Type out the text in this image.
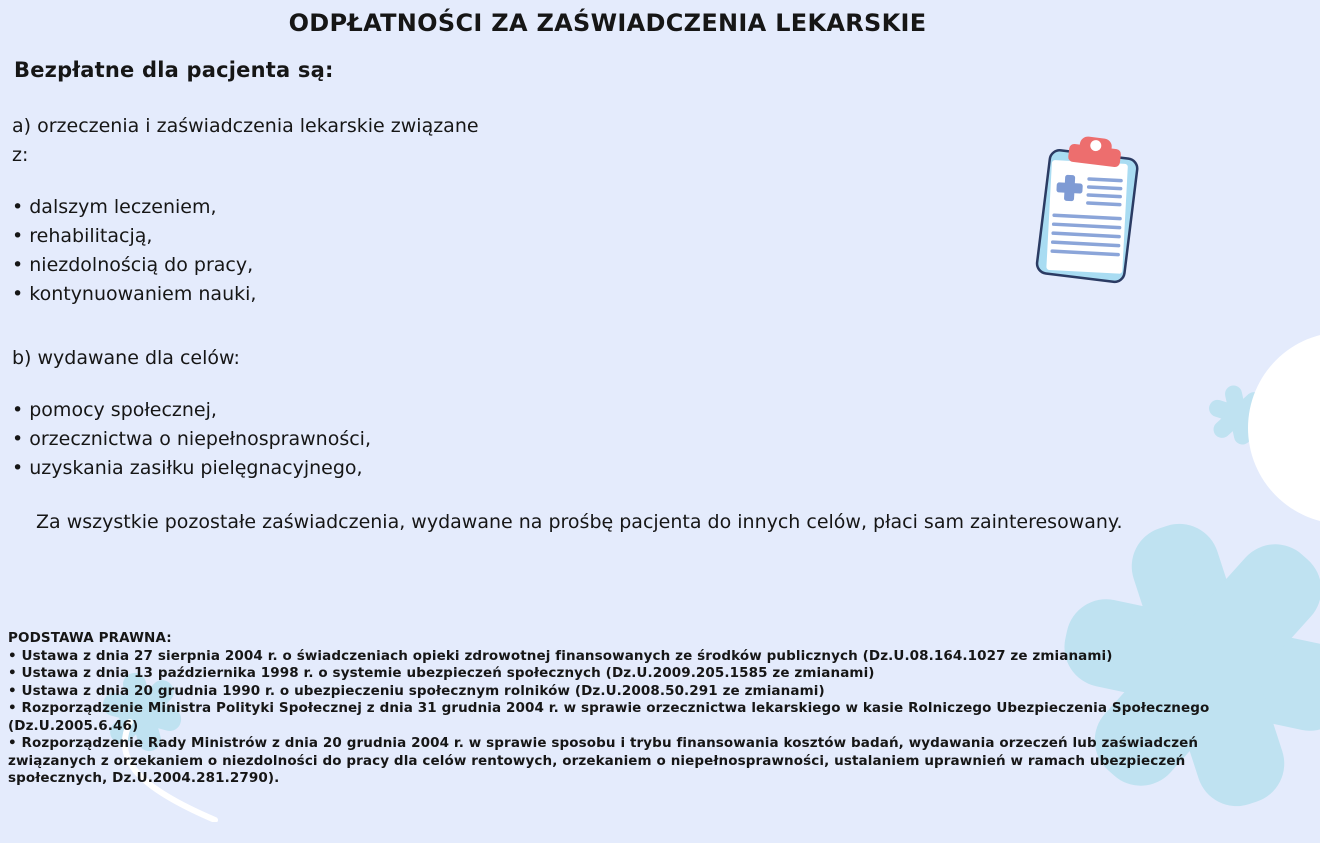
ODPŁATNOŚCI ZA ZAŚWIADCZENIA LEKARSKIE
Bezpłatne dla pacjenta są:
a) orzeczenia i zaświadczenia lekarskie związane z:
• dalszym leczeniem,
• rehabilitacją,
• niezdolnością do pracy,
• kontynuowaniem nauki,
b) wydawane dla celów:
• pomocy społecznej,
• orzecznictwa o niepełnosprawności,
• uzyskania zasiłku pielęgnacyjnego,
Za wszystkie pozostałe zaświadczenia, wydawane na prośbę pacjenta do innych celów, płaci sam zainteresowany.
PODSTAWA PRAWNA:
• Ustawa z dnia 27 sierpnia 2004 r. o świadczeniach opieki zdrowotnej finansowanych ze środków publicznych (Dz.U.08.164.1027 ze zmianami)
• Ustawa z dnia 13 października 1998 r. o systemie ubezpieczeń społecznych (Dz.U.2009.205.1585 ze zmianami)
• Ustawa z dnia 20 grudnia 1990 r. o ubezpieczeniu społecznym rolników (Dz.U.2008.50.291 ze zmianami)
• Rozporządzenie Ministra Polityki Społecznej z dnia 31 grudnia 2004 r. w sprawie orzecznictwa lekarskiego w kasie Rolniczego Ubezpieczenia Społecznego (Dz.U.2005.6.46)
• Rozporządzenie Rady Ministrów z dnia 20 grudnia 2004 r. w sprawie sposobu i trybu finansowania kosztów badań, wydawania orzeczeń lub zaświadczeń związanych z orzekaniem o niezdolności do pracy dla celów rentowych, orzekaniem o niepełnosprawności, ustalaniem uprawnień w ramach ubezpieczeń społecznych, Dz.U.2004.281.2790).
